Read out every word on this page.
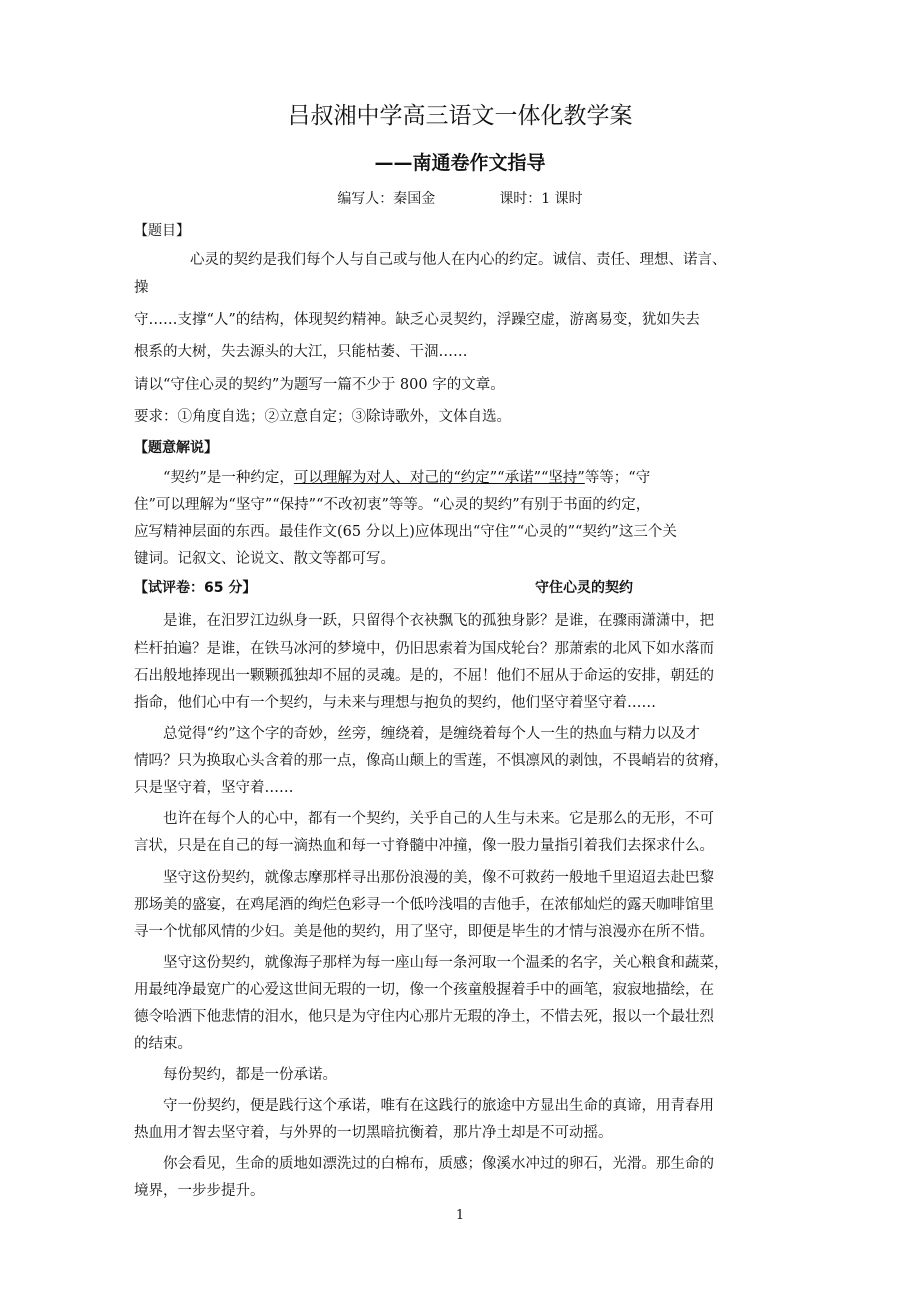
吕叔湘中学高三语文一体化教学案
——南通卷作文指导
编写人：秦国金	课时：1 课时
【题目】
心灵的契约是我们每个人与自己或与他人在内心的约定。诚信、责任、理想、诺言、
操
守……支撑“人”的结构，体现契约精神。缺乏心灵契约，浮躁空虚，游离易变，犹如失去
根系的大树，失去源头的大江，只能枯萎、干涸……
请以“守住心灵的契约”为题写一篇不少于 800 字的文章。
要求：①角度自选；②立意自定；③除诗歌外，文体自选。
【题意解说】
“契约”是一种约定，可以理解为对人、对己的“约定”“承诺”“坚持”等等；“守
住”可以理解为“坚守”“保持”“不改初衷”等等。“心灵的契约”有别于书面的约定，
应写精神层面的东西。最佳作文(65 分以上)应体现出“守住”“心灵的”“契约”这三个关
键词。记叙文、论说文、散文等都可写。
【试评卷：65 分】	守住心灵的契约
是谁，在汨罗江边纵身一跃，只留得个衣袂飘飞的孤独身影？是谁，在骤雨潇潇中，把
栏杆拍遍？是谁，在铁马冰河的梦境中，仍旧思索着为国戍轮台？那萧索的北风下如水落而
石出般地捧现出一颗颗孤独却不屈的灵魂。是的，不屈！他们不屈从于命运的安排，朝廷的
指命，他们心中有一个契约，与未来与理想与抱负的契约，他们坚守着坚守着……
总觉得“约”这个字的奇妙，丝旁，缠绕着，是缠绕着每个人一生的热血与精力以及才
情吗？只为换取心头含着的那一点，像高山颠上的雪莲，不惧凛风的剥蚀，不畏峭岩的贫瘠，
只是坚守着，坚守着……
也许在每个人的心中，都有一个契约，关乎自己的人生与未来。它是那么的无形，不可
言状，只是在自己的每一滴热血和每一寸脊髓中冲撞，像一股力量指引着我们去探求什么。
坚守这份契约，就像志摩那样寻出那份浪漫的美，像不可救药一般地千里迢迢去赴巴黎
那场美的盛宴，在鸡尾酒的绚烂色彩寻一个低吟浅唱的吉他手，在浓郁灿烂的露天咖啡馆里
寻一个忧郁风情的少妇。美是他的契约，用了坚守，即便是毕生的才情与浪漫亦在所不惜。
坚守这份契约，就像海子那样为每一座山每一条河取一个温柔的名字，关心粮食和蔬菜，
用最纯净最宽广的心爱这世间无瑕的一切，像一个孩童般握着手中的画笔，寂寂地描绘，在
德令哈洒下他悲情的泪水，他只是为守住内心那片无瑕的净土，不惜去死，报以一个最壮烈
的结束。
每份契约，都是一份承诺。
守一份契约，便是践行这个承诺，唯有在这践行的旅途中方显出生命的真谛，用青春用
热血用才智去坚守着，与外界的一切黑暗抗衡着，那片净土却是不可动摇。
你会看见，生命的质地如漂洗过的白棉布，质感；像溪水冲过的卵石，光滑。那生命的
境界，一步步提升。
1
